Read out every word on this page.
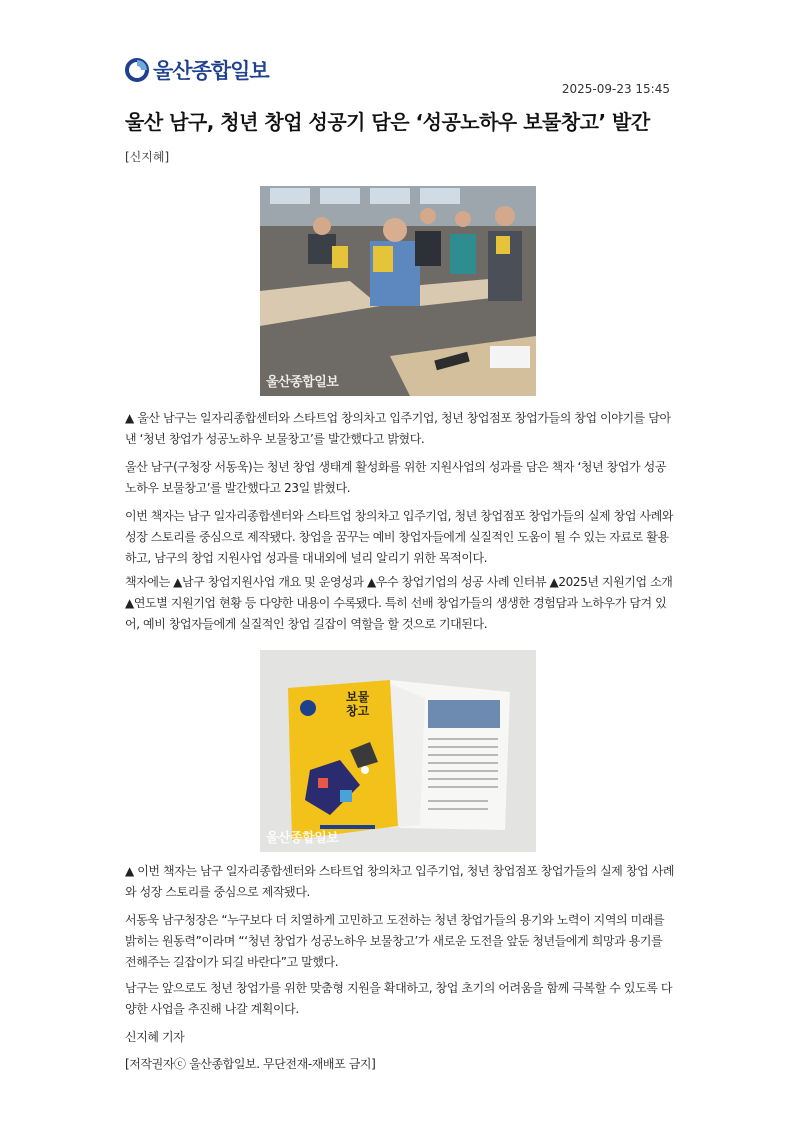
울산종합일보
2025-09-23 15:45
울산 남구, 청년 창업 성공기 담은 ‘성공노하우 보물창고’ 발간
[신지혜]
울산종합일보

▲ 울산 남구는 일자리종합센터와 스타트업 창의차고 입주기업, 청년 창업점포 창업가들의 창업 이야기를 담아낸 ‘청년 창업가 성공노하우 보물창고’를 발간했다고 밝혔다.

울산 남구(구청장 서동욱)는 청년 창업 생태계 활성화를 위한 지원사업의 성과를 담은 책자 ‘청년 창업가 성공노하우 보물창고’를 발간했다고 23일 밝혔다.

이번 책자는 남구 일자리종합센터와 스타트업 창의차고 입주기업, 청년 창업점포 창업가들의 실제 창업 사례와 성장 스토리를 중심으로 제작됐다. 창업을 꿈꾸는 예비 창업자들에게 실질적인 도움이 될 수 있는 자료로 활용하고, 남구의 창업 지원사업 성과를 대내외에 널리 알리기 위한 목적이다.

책자에는 ▲남구 창업지원사업 개요 및 운영성과 ▲우수 창업기업의 성공 사례 인터뷰 ▲2025년 지원기업 소개 ▲연도별 지원기업 현황 등 다양한 내용이 수록됐다. 특히 선배 창업가들의 생생한 경험담과 노하우가 담겨 있어, 예비 창업자들에게 실질적인 창업 길잡이 역할을 할 것으로 기대된다.

보물
창고
울산종합일보

▲ 이번 책자는 남구 일자리종합센터와 스타트업 창의차고 입주기업, 청년 창업점포 창업가들의 실제 창업 사례와 성장 스토리를 중심으로 제작됐다.

서동욱 남구청장은 “누구보다 더 치열하게 고민하고 도전하는 청년 창업가들의 용기와 노력이 지역의 미래를 밝히는 원동력”이라며 “‘청년 창업가 성공노하우 보물창고’가 새로운 도전을 앞둔 청년들에게 희망과 용기를 전해주는 길잡이가 되길 바란다”고 말했다.

남구는 앞으로도 청년 창업가를 위한 맞춤형 지원을 확대하고, 창업 초기의 어려움을 함께 극복할 수 있도록 다양한 사업을 추진해 나갈 계획이다.

신지혜 기자

[저작권자ⓒ 울산종합일보. 무단전재-재배포 금지]
